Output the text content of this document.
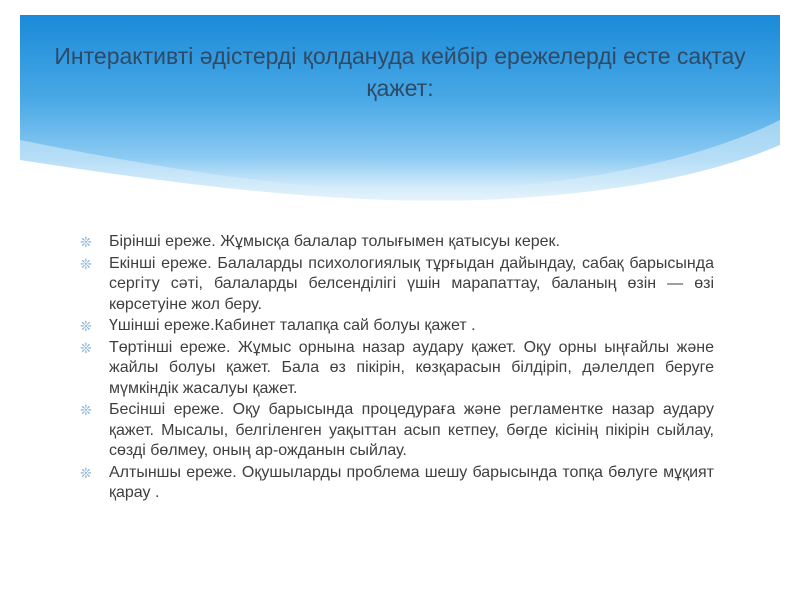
Интерактивті әдістерді қолдануда кейбір ережелерді есте сақтау қажет:
❊ Бірінші ереже. Жұмысқа балалар толығымен қатысуы керек.
❊ Екінші ереже. Балаларды психологиялық тұрғыдан дайындау, сабақ барысында сергіту сәті, балаларды белсенділігі үшін марапаттау, баланың өзін — өзі көрсетуіне жол беру.
❊ Үшінші ереже.Кабинет талапқа сай болуы қажет .
❊ Төртінші ереже. Жұмыс орнына назар аудару қажет. Оқу орны ыңғайлы және жайлы болуы қажет. Бала өз пікірін, көзқарасын білдіріп, дәлелдеп беруге мүмкіндік жасалуы қажет.
❊ Бесінші ереже. Оқу барысында процедураға және регламентке назар аудару қажет. Мысалы, белгіленген уақыттан асып кетпеу, бөгде кісінің пікірін сыйлау, сөзді бөлмеу, оның ар-ожданын сыйлау.
❊ Алтыншы ереже. Оқушыларды проблема шешу барысында топқа бөлуге мұқият қарау .
